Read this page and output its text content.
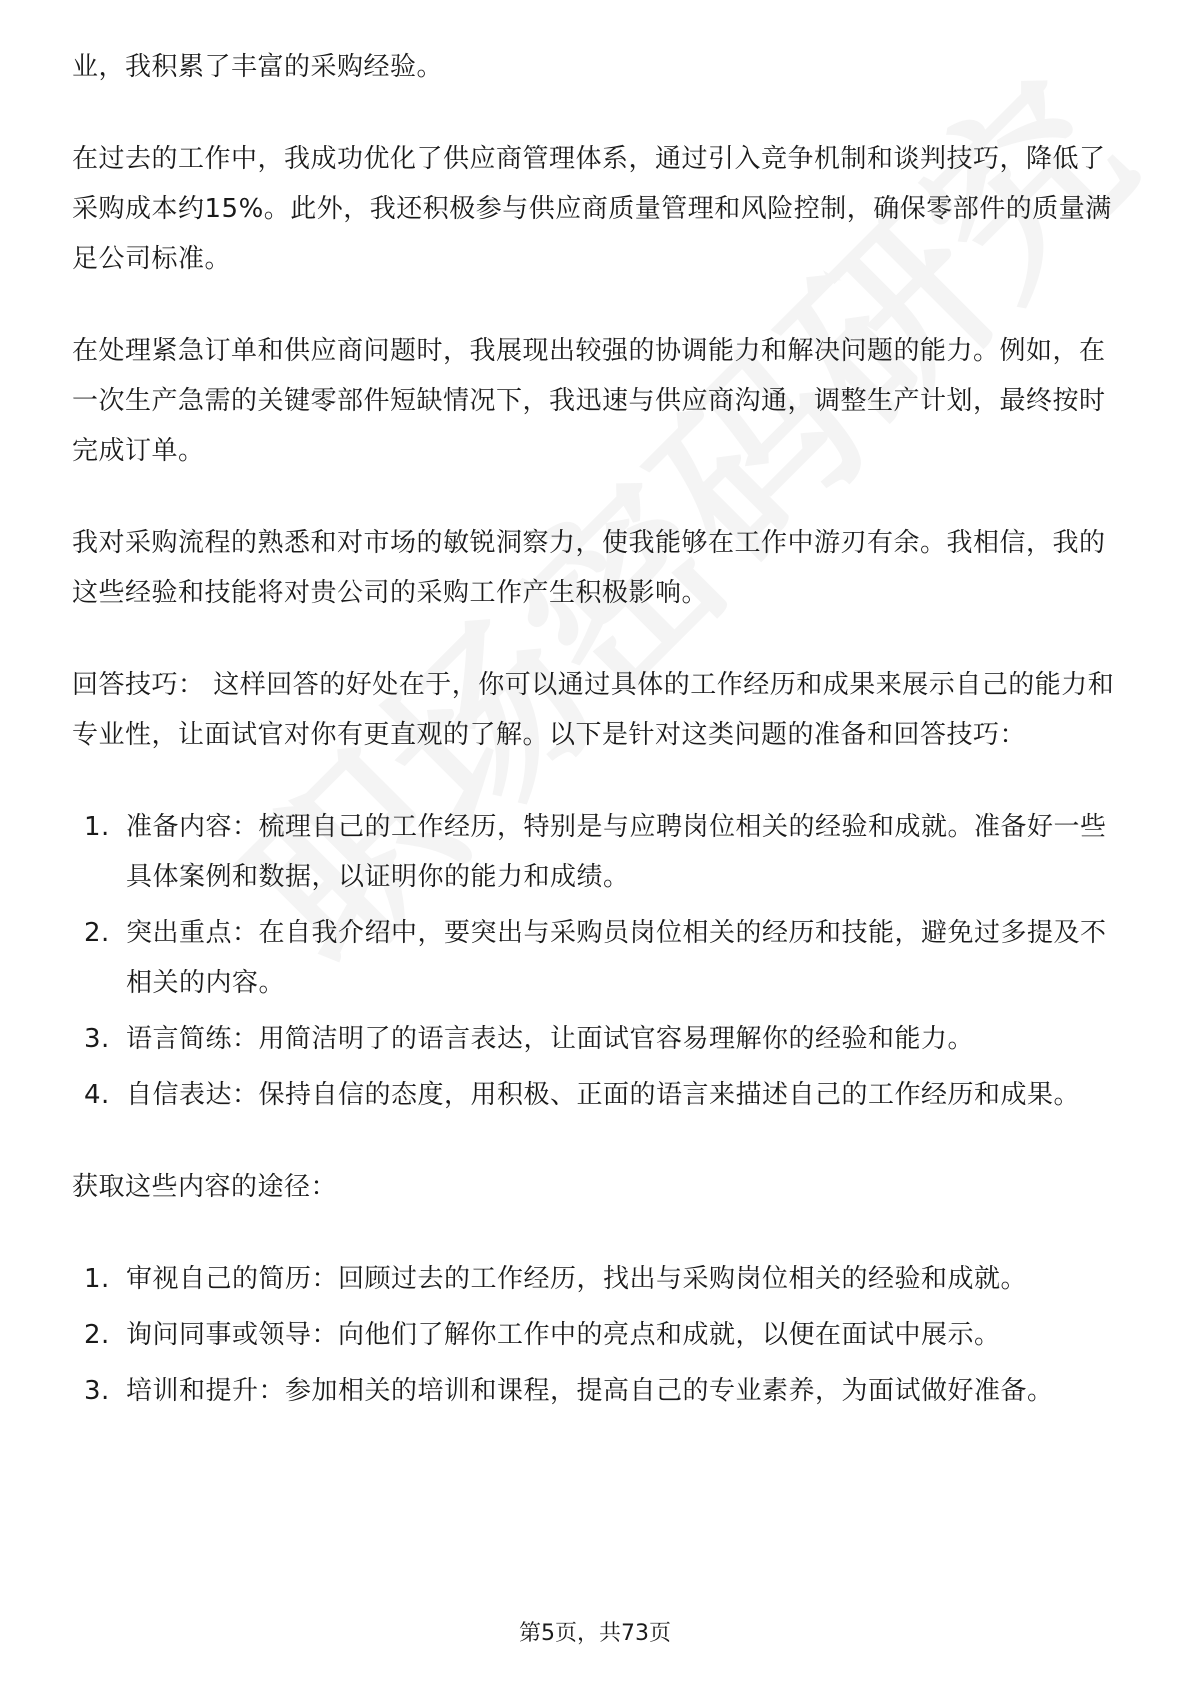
业，我积累了丰富的采购经验。

在过去的工作中，我成功优化了供应商管理体系，通过引入竞争机制和谈判技巧，降低了采购成本约15%。此外，我还积极参与供应商质量管理和风险控制，确保零部件的质量满足公司标准。

在处理紧急订单和供应商问题时，我展现出较强的协调能力和解决问题的能力。例如，在一次生产急需的关键零部件短缺情况下，我迅速与供应商沟通，调整生产计划，最终按时完成订单。

我对采购流程的熟悉和对市场的敏锐洞察力，使我能够在工作中游刃有余。我相信，我的这些经验和技能将对贵公司的采购工作产生积极影响。

回答技巧： 这样回答的好处在于，你可以通过具体的工作经历和成果来展示自己的能力和专业性，让面试官对你有更直观的了解。以下是针对这类问题的准备和回答技巧：

1. 准备内容：梳理自己的工作经历，特别是与应聘岗位相关的经验和成就。准备好一些具体案例和数据，以证明你的能力和成绩。
2. 突出重点：在自我介绍中，要突出与采购员岗位相关的经历和技能，避免过多提及不相关的内容。
3. 语言简练：用简洁明了的语言表达，让面试官容易理解你的经验和能力。
4. 自信表达：保持自信的态度，用积极、正面的语言来描述自己的工作经历和成果。

获取这些内容的途径：

1. 审视自己的简历：回顾过去的工作经历，找出与采购岗位相关的经验和成就。
2. 询问同事或领导：向他们了解你工作中的亮点和成就，以便在面试中展示。
3. 培训和提升：参加相关的培训和课程，提高自己的专业素养，为面试做好准备。
第5页，共73页
